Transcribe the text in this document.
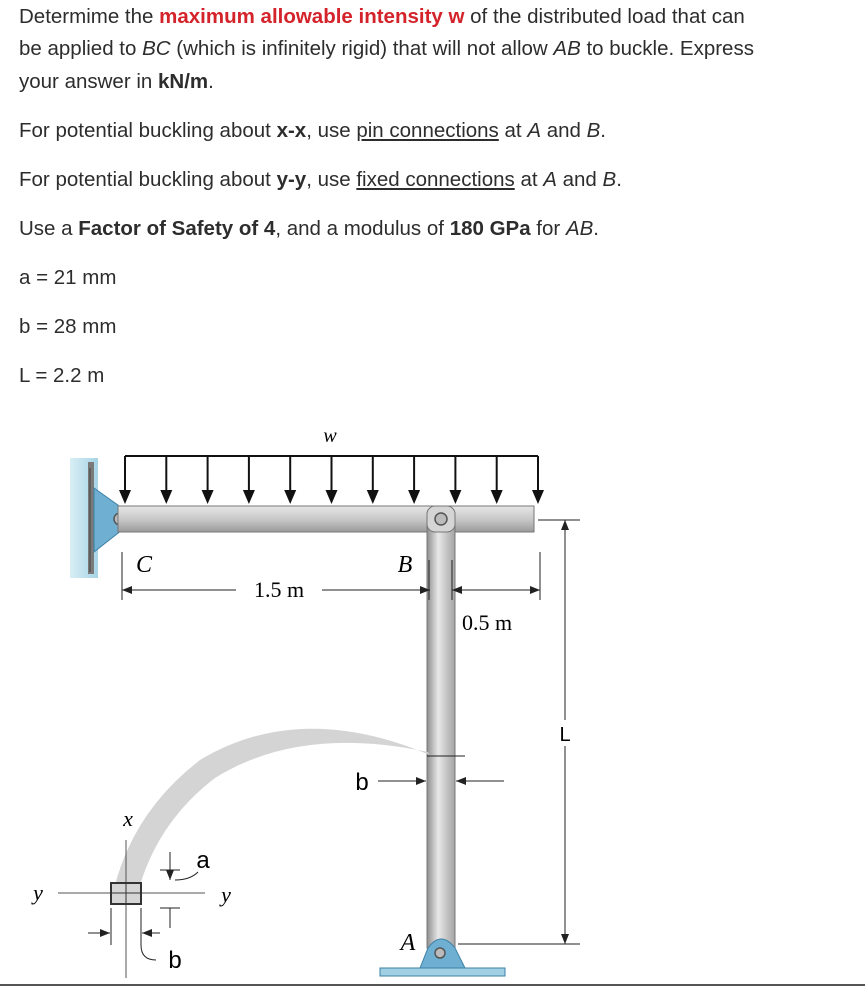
Determime the maximum allowable intensity w of the distributed load that can
be applied to BC (which is infinitely rigid) that will not allow AB to buckle. Express
your answer in kN/m.
For potential buckling about x-x, use pin connections at A and B.
For potential buckling about y-y, use fixed connections at A and B.
Use a Factor of Safety of 4, and a modulus of 180 GPa for AB.
a = 21 mm
b = 28 mm
L = 2.2 m
w
C	B
A
1.5 m
0.5 m
L
b
x
y	y
a
b
